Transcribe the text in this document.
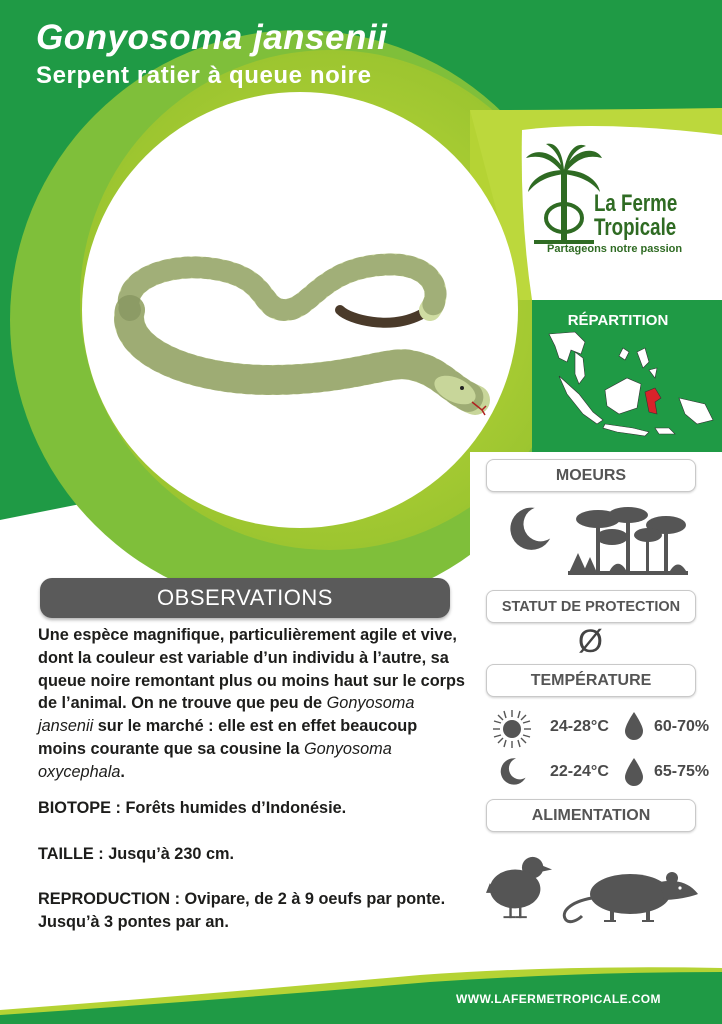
Gonyosoma jansenii
Serpent ratier à queue noire
La Ferme
Tropicale
Partageons notre passion
RÉPARTITION
MOEURS
STATUT DE PROTECTION
Ø
TEMPÉRATURE
24-28°C	60-70%
22-24°C	65-75%
ALIMENTATION
OBSERVATIONS

Une espèce magnifique, particulièrement agile et vive, dont la couleur est variable d’un individu à l’autre, sa queue noire remontant plus ou moins haut sur le corps de l’animal. On ne trouve que peu de Gonyosoma jansenii sur le marché : elle est en effet beaucoup moins courante que sa cousine la Gonyosoma oxycephala.

BIOTOPE : Forêts humides d’Indonésie.

TAILLE : Jusqu’à 230 cm.

REPRODUCTION : Ovipare, de 2 à 9 oeufs par ponte. Jusqu’à 3 pontes par an.

WWW.LAFERMETROPICALE.COM
